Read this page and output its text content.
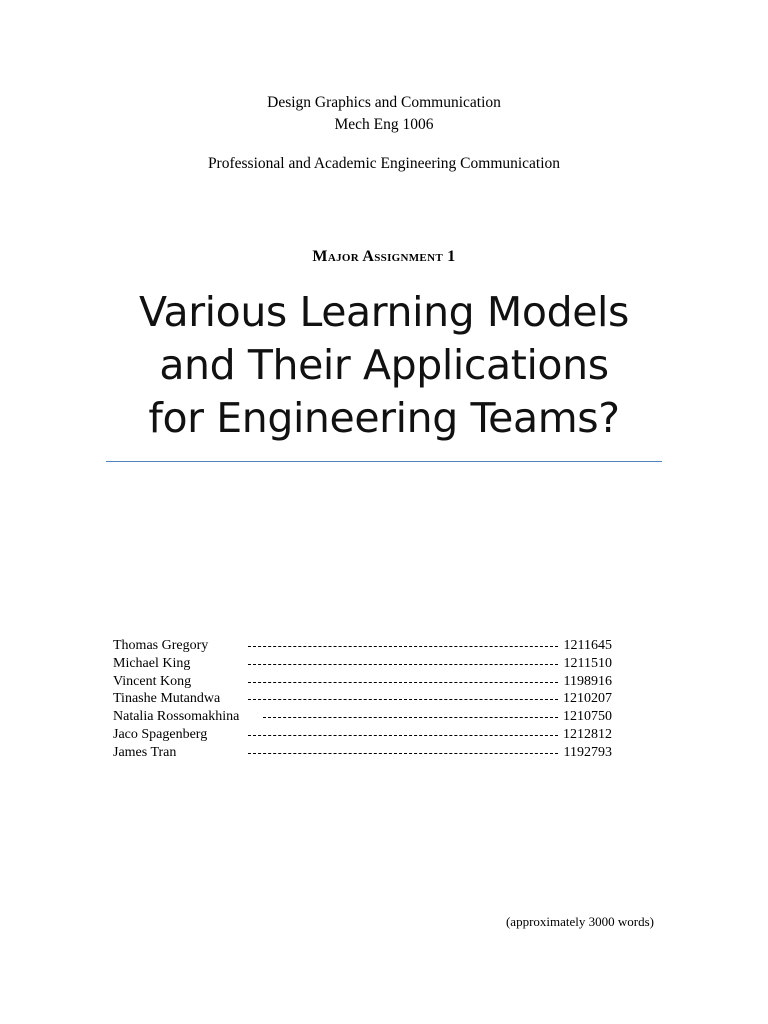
Design Graphics and Communication
Mech Eng 1006
Professional and Academic Engineering Communication
Major Assignment 1
Various Learning Models
and Their Applications
for Engineering Teams?
Thomas Gregory	1211645
Michael King	1211510
Vincent Kong	1198916
Tinashe Mutandwa	1210207
Natalia Rossomakhina	1210750
Jaco Spagenberg	1212812
James Tran	1192793
(approximately 3000 words)
